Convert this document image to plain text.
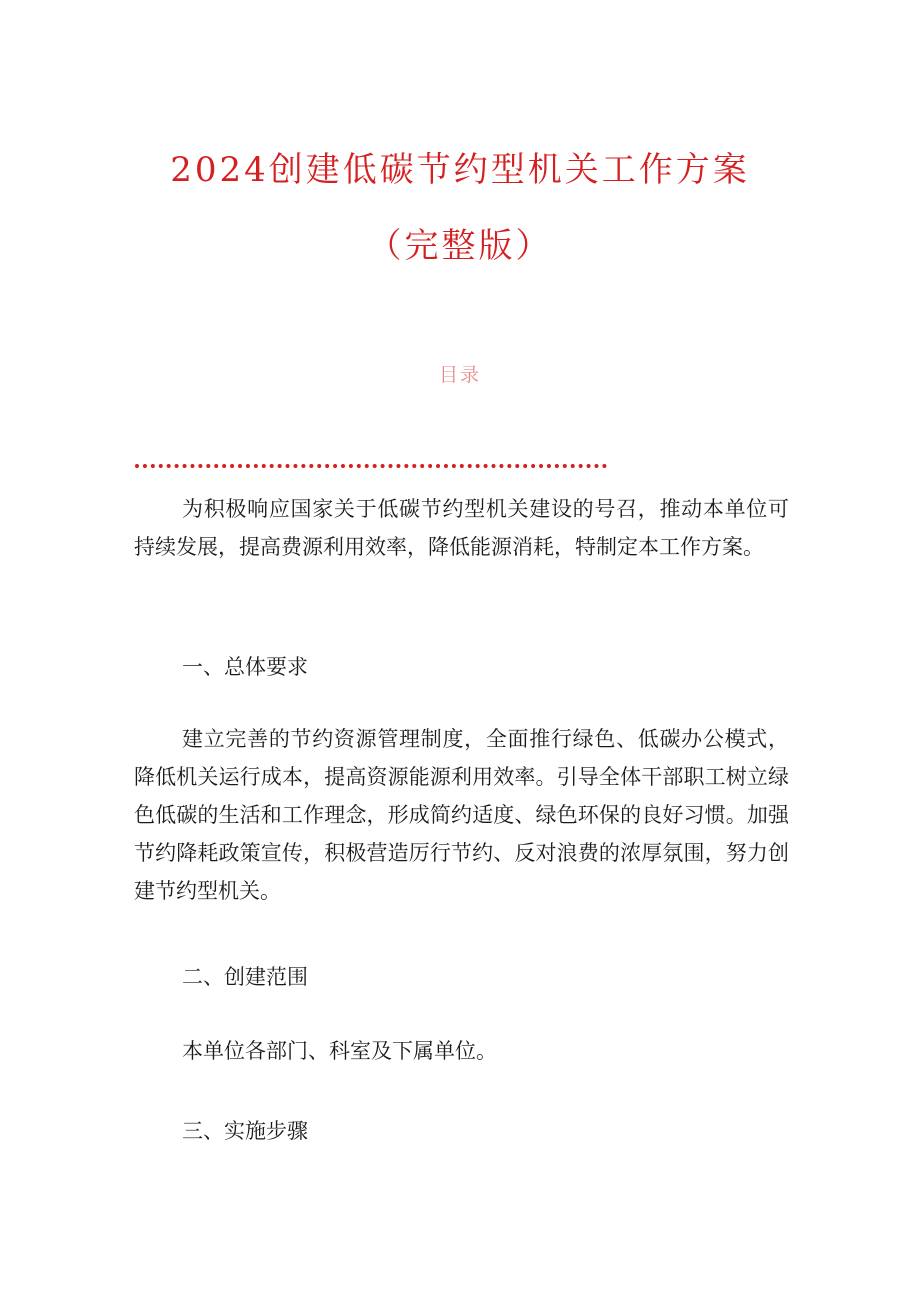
2024创建低碳节约型机关工作方案
（完整版）
目录

为积极响应国家关于低碳节约型机关建设的号召，推动本单位可持续发展，提高费源利用效率，降低能源消耗，特制定本工作方案。

一、总体要求

建立完善的节约资源管理制度，全面推行绿色、低碳办公模式，降低机关运行成本，提高资源能源利用效率。引导全体干部职工树立绿色低碳的生活和工作理念，形成简约适度、绿色环保的良好习惯。加强节约降耗政策宣传，积极营造厉行节约、反对浪费的浓厚氛围，努力创建节约型机关。

二、创建范围

本单位各部门、科室及下属单位。

三、实施步骤
